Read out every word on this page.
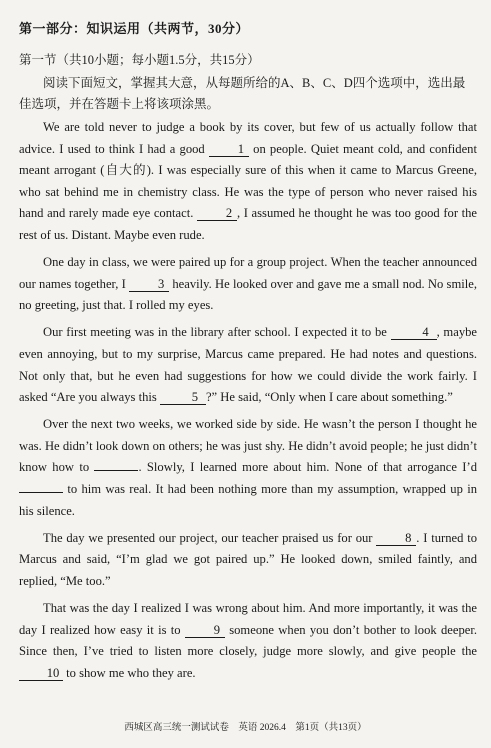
第一部分：知识运用（共两节，30分）
第一节（共10小题；每小题1.5分，共15分）
阅读下面短文，掌握其大意，从每题所给的A、B、C、D四个选项中，选出最佳选项，并在答题卡上将该项涂黑。

We are told never to judge a book by its cover, but few of us actually follow that advice. I used to think I had a good	1 on people. Quiet meant cold, and confident meant arrogant (自大的). I was especially sure of this when it came to Marcus Greene, who sat behind me in chemistry class. He was the type of person who never raised his hand and rarely made eye contact.	2 , I assumed he thought he was too good for the rest of us. Distant. Maybe even rude.

One day in class, we were paired up for a group project. When the teacher announced our names together, I	3 heavily. He looked over and gave me a small nod. No smile, no greeting, just that. I rolled my eyes.

Our first meeting was in the library after school. I expected it to be	4 , maybe even annoying, but to my surprise, Marcus came prepared. He had notes and questions. Not only that, but he even had suggestions for how we could divide the work fairly. I asked “Are you always this	5 ?” He said, “Only when I care about something.”

Over the next two weeks, we worked side by side. He wasn’t the person I thought he was. He didn’t look down on others; he was just shy. He didn’t avoid people; he just didn’t know how to	. Slowly, I learned more about him. None of that arrogance I’d  to him was real. It had been nothing more than my assumption, wrapped up in his silence.

The day we presented our project, our teacher praised us for our	8 . I turned to Marcus and said, “I’m glad we got paired up.” He looked down, smiled faintly, and replied, “Me too.”

That was the day I realized I was wrong about him. And more importantly, it was the day I realized how easy it is to	9 someone when you don’t bother to look deeper. Since then, I’ve tried to listen more closely, judge more slowly, and give people the 10 to show me who they are.

西城区高三统一测试试卷　英语 2026.4　第1页（共13页）
